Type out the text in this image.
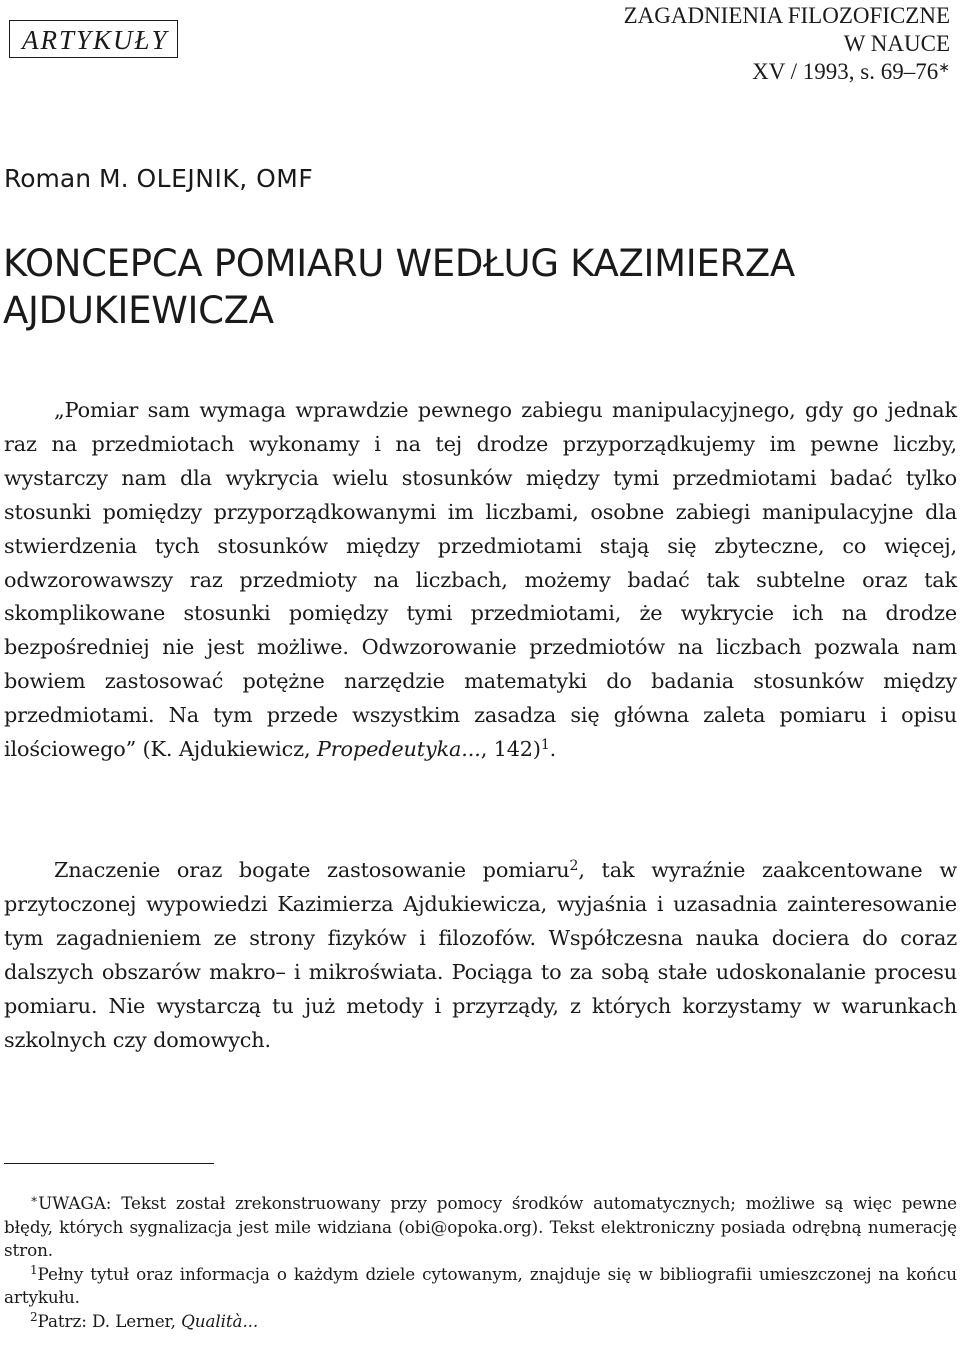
ARTYKUŁY
ZAGADNIENIA FILOZOFICZNE
W NAUCE
XV / 1993, s. 69–76∗
Roman M. OLEJNIK, OMF
KONCEPCA POMIARU WEDŁUG KAZIMIERZA AJDUKIEWICZA

„Pomiar sam wymaga wprawdzie pewnego zabiegu manipulacyjnego, gdy go jednak raz na przedmiotach wykonamy i na tej drodze przyporządkujemy im pewne liczby, wystarczy nam dla wykrycia wielu stosunków między tymi przedmiotami badać tylko stosunki pomiędzy przyporządkowanymi im liczbami, osobne zabiegi manipulacyjne dla stwierdzenia tych stosunków między przedmiotami stają się zbyteczne, co więcej, odwzorowawszy raz przedmioty na liczbach, możemy badać tak subtelne oraz tak skomplikowane stosunki pomiędzy tymi przedmiotami, że wykrycie ich na drodze bezpośredniej nie jest możliwe. Odwzorowanie przedmiotów na liczbach pozwala nam bowiem zastosować potężne narzędzie matematyki do badania stosunków między przedmiotami. Na tym przede wszystkim zasadza się główna zaleta pomiaru i opisu ilościowego” (K. Ajdukiewicz, Propedeutyka..., 142)$^1$.

Znaczenie oraz bogate zastosowanie pomiaru$^2$, tak wyraźnie zaakcentowane w przytoczonej wypowiedzi Kazimierza Ajdukiewicza, wyjaśnia i uzasadnia zainteresowanie tym zagadnieniem ze strony fizyków i filozofów. Współczesna nauka dociera do coraz dalszych obszarów makro– i mikroświata. Pociąga to za sobą stałe udoskonalanie procesu pomiaru. Nie wystarczą tu już metody i przyrządy, z których korzystamy w warunkach szkolnych czy domowych.

∗UWAGA: Tekst został zrekonstruowany przy pomocy środków automatycznych; możliwe są więc pewne błędy, których sygnalizacja jest mile widziana (obi@opoka.org). Tekst elektroniczny posiada odrębną numerację stron.

$^1$Pełny tytuł oraz informacja o każdym dziele cytowanym, znajduje się w bibliografii umieszczonej na końcu artykułu.

$^2$Patrz: D. Lerner, Qualità...
